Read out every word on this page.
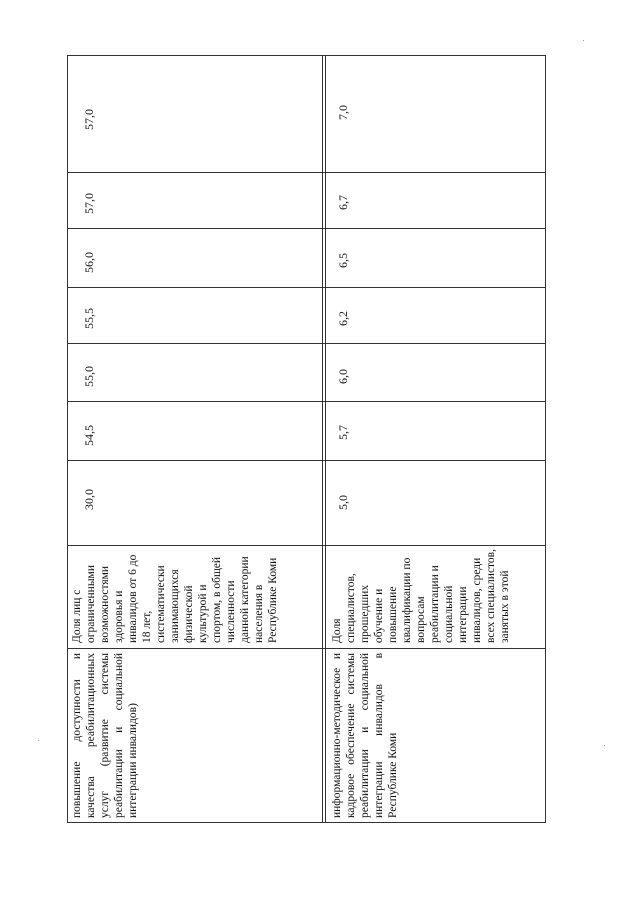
повышение доступности и качества реабилитационных услуг (развитие системы реабилитации и социальной интеграции инвалидов)
Доля лиц с ограниченными возможностями здоровья и инвалидов от 6 до 18 лет, систематически занимающихся физической культурой и спортом, в общей численности данной категории населения в Республике Коми
30,0
54,5
55,0
55,5
56,0
57,0
57,0
информационно-методическое и кадровое обеспечение системы реабилитации и социальной интеграции инвалидов в Республике Коми
Доля специалистов, прошедших обучение и повышение квалификации по вопросам реабилитации и социальной интеграции инвалидов, среди всех специалистов, занятых в этой
5,0
5,7
6,0
6,2
6,5
6,7
7,0
